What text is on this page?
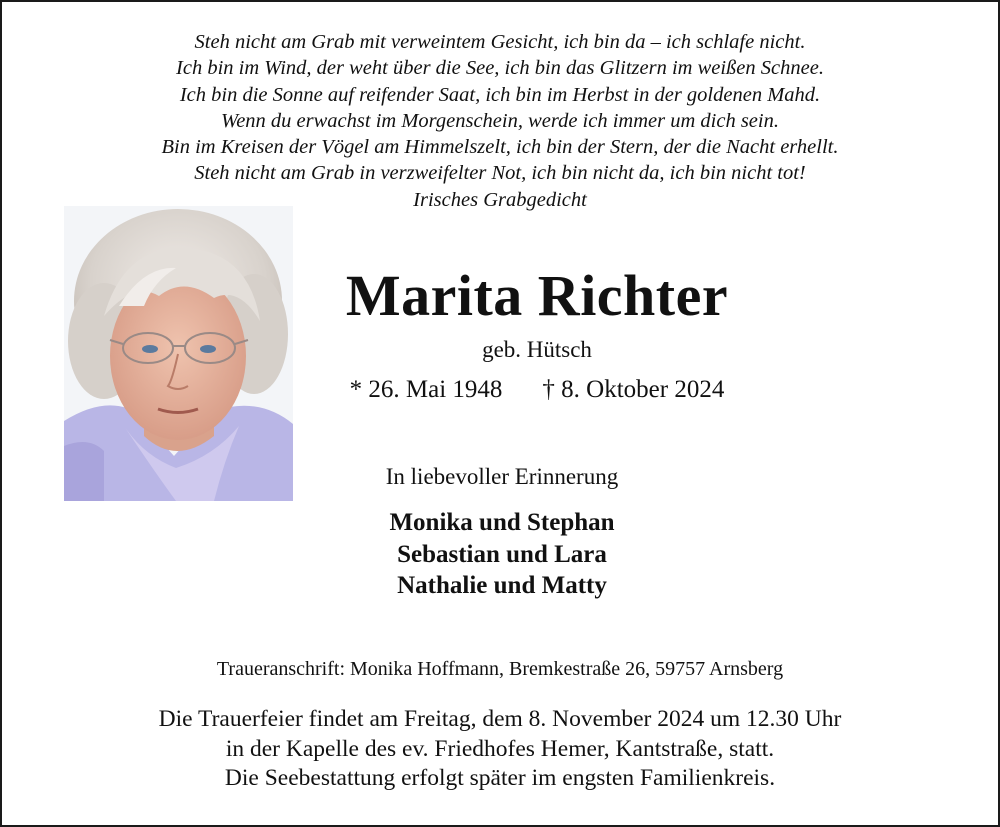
Steh nicht am Grab mit verweintem Gesicht, ich bin da – ich schlafe nicht.
Ich bin im Wind, der weht über die See, ich bin das Glitzern im weißen Schnee.
Ich bin die Sonne auf reifender Saat, ich bin im Herbst in der goldenen Mahd.
Wenn du erwachst im Morgenschein, werde ich immer um dich sein.
Bin im Kreisen der Vögel am Himmelszelt, ich bin der Stern, der die Nacht erhellt.
Steh nicht am Grab in verzweifelter Not, ich bin nicht da, ich bin nicht tot!
Irisches Grabgedicht
Marita Richter
geb. Hütsch
* 26. Mai 1948 † 8. Oktober 2024
In liebevoller Erinnerung
Monika und Stephan
Sebastian und Lara
Nathalie und Matty
Traueranschrift: Monika Hoffmann, Bremkestraße 26, 59757 Arnsberg
Die Trauerfeier findet am Freitag, dem 8. November 2024 um 12.30 Uhr
in der Kapelle des ev. Friedhofes Hemer, Kantstraße, statt.
Die Seebestattung erfolgt später im engsten Familienkreis.
